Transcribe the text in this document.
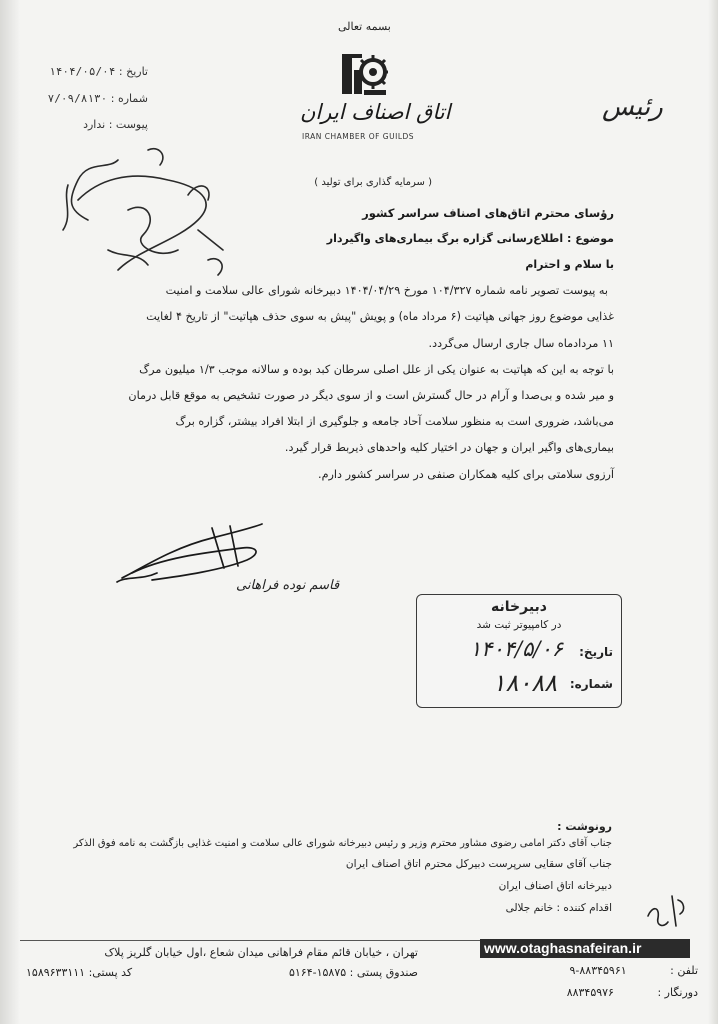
بسمه تعالی
تاریخ : ۱۴۰۴/۰۵/۰۴
شماره : ۷/۰۹/۸۱۳۰
پیوست : ندارد
اتاق اصناف ایران
IRAN CHAMBER OF GUILDS
رئیس
( سرمایه گذاری برای تولید )
رؤسای محترم اتاق‌های اصناف سراسر کشور
موضوع : اطلاع‌رسانی گزاره برگ بیماری‌های واگیردار
با سلام و احترام
به پیوست تصویر نامه شماره ۱۰۴/۳۲۷ مورخ ۱۴۰۴/۰۴/۲۹ دبیرخانه شورای عالی سلامت و امنیت
غذایی موضوع روز جهانی هپاتیت (۶ مرداد ماه) و پویش "پیش به سوی حذف هپاتیت" از تاریخ ۴ لغایت
۱۱ مردادماه سال جاری ارسال می‌گردد.
با توجه به این که هپاتیت به عنوان یکی از علل اصلی سرطان کبد بوده و سالانه موجب ۱/۳ میلیون مرگ
و میر شده و بی‌صدا و آرام در حال گسترش است و از سوی دیگر در صورت تشخیص به موقع قابل درمان
می‌باشد، ضروری است به منظور سلامت آحاد جامعه و جلوگیری از ابتلا افراد بیشتر، گزاره برگ
بیماری‌های واگیر ایران و جهان در اختیار کلیه واحدهای ذیربط قرار گیرد.
آرزوی سلامتی برای کلیه همکاران صنفی در سراسر کشور دارم.
قاسم نوده فراهانی
دبیرخانه
در کامپیوتر ثبت شد
تاریخ:
۱۴۰۴/۵/۰۶
شماره:
۱۸۰۸۸
رونوشت :
جناب آقای دکتر امامی رضوی مشاور محترم وزیر و رئیس دبیرخانه شورای عالی سلامت و امنیت غذایی بازگشت به نامه فوق الذکر
جناب آقای سقایی سرپرست دبیرکل محترم اتاق اصناف ایران
دبیرخانه اتاق اصناف ایران
اقدام کننده : خانم جلالی
تهران ، خیابان قائم مقام فراهانی میدان شعاع ،اول خیابان گلریز پلاک
صندوق پستی : ۱۵۸۷۵-۵۱۶۴
کد پستی: ۱۵۸۹۶۳۳۱۱۱
www.otaghasnafeiran.ir
تلفن : ۸۸۳۴۵۹۶۱-۹
دورنگار : ۸۸۳۴۵۹۷۶
